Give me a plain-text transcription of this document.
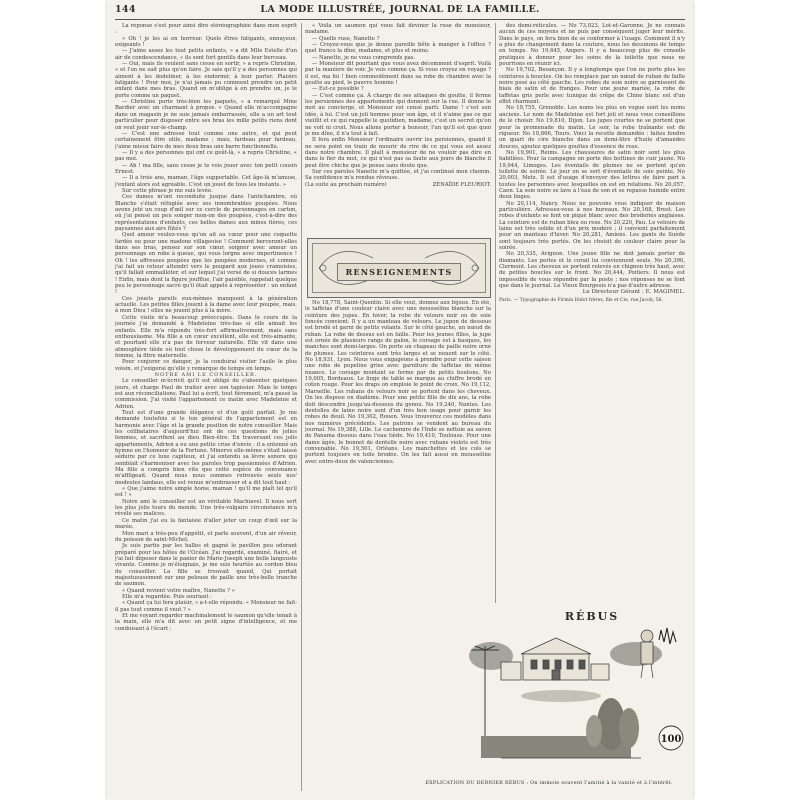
144	LA MODE ILLUSTRÉE, JOURNAL DE LA FAMILLE.

La réponse s'est pour ainsi dire stéréographiée dans mon esprit :

« Oh ! je les ai en horreur. Quels êtres fatigants, ennuyeux, exigeants !

— J'aime assez les tout petits enfants, » a dit Mlle Estelle d'un air de condescendance, « ils sont fort gentils dans leur berceau.

— Oui, mais ils veulent sans cesse en sortir, » a repris Christine, « et l'on ne sait plus qu'en faire. Je sais qu'il y a des personnes qui aiment à les dodeliner, à les endormir, à leur parler. Plaisirs fatigants ! Pour moi, je n'ai jamais pu comment prendre un petit enfant dans mes bras. Quand on m'oblige à en prendre un, je le porte comme un paquet.

— Christine porte très-bien les paquets, » a remarqué Mme Bardier avec un charmant à propos. « Quand elle m'accompagne dans un magasin je ne suis jamais embarrassée, elle a un art tout particulier pour disposer entre ses bras les mille petits riens dont on veut jouir sur-le-champ.

— C'est une adresse tout comme une autre, et qui peut certainement être utile, madame ; mais, fardeau pour fardeau, j'aime mieux faire de mes deux bras une barre fonctionnelle.

— Il y a des personnes qui ont ce goût-là, » a repris Christine, « pas moi.

— Ah ! ma fille, sans cesse je te vois jouer avec ton petit cousin Ernest.

— Il a trois ans, maman, l'âge supportable. Cet âge-là m'amuse, j'enfant alors est agréable. C'est un jouet de tous les instants. »

Sur cette phrase je me suis levée.

Ces dames m'ont reconduite jusque dans l'antichambre, où Blanche s'était réfugiée avec ses innombrables poupées. Nous avons jeté un coup d'œil sur ce cercle de personnages en carton, où j'ai pensé un peu songer mon-on des poupées, c'est-à-dire des représentations d'enfants, ces belles dames aux mines fières, ces paysannes aux airs fûtés ?

Quel amour veulez-vous qu'on ait au cœur pour une coquette fardée ou pour une madone villageoise ! Comment berceront-elles dans ses bras, pensez sur son cœur, soigner avec amour un personnage en robe à queue, qui vous lorgne avec impertinence ! Oh ! les affreuses poupées que les poupées modernes, et comme j'ai fait un retour attendri vers le poupard aux joues cramoisies, qu'il fallait emmailloter, et sur lequel j'ai versé de si douces larmes ! Enfin, mais dont la figure joufflue, l'air paisible, rappelait quelque peu le personnage sacré qu'il était appelé à représenter : un enfant !

Ces jouets pareils eux-mêmes manquent à la génération actuelle. Les petites filles jouent à la dame avec leur poupée, mais, à mon Dieu ! elles ne jouent plus à la mère.

Cette visite m'a beaucoup préoccupée. Dans le cours de la journée j'ai demandé à Madeleine très-bas si elle aimait les enfants. Elle m'a répondu très-fort affirmativement, mais sans enthousiasme. Ma fille a un cœur excellent, elle est très-aimante, et pourtant elle n'a pas de ferveur naturelle. Elle vit dans une atmosphère tiède où tout chose le développement du cœur de la femme, la fibre maternelle.

Pour conjurer ce danger, je la conduirai visiter l'asile le plus voisin, et j'exigerai qu'elle y remarque de temps en temps.

NOTRE AMI LE CONSEILLER.

Le conseiller m'écrivit qu'il est obligé de s'absenter quelques jours, et charge Paul de traiter avec son tapissier. Mais le temps est aux réconciliations. Paul lui a écrit, tout fièrement, m'a passé la commission. J'ai visité l'appartement ce matin avec Madeleine et Adrien.

Tout est d'une grande élégance et d'un goût parfait. Je me demande toutefois si le ton général de l'appartement est en harmonie avec l'âge et la grande position de notre conseiller. Mais les célibataires d'aujourd'hui ont de ces questions de jolies femmes, et sacrifient au dieu Bien-être. En traversant ces jolis appartements, Adrien a eu une petite crise d'envie : il a entonné un hymne en l'honneur de la Fortune. Minerve elle-même s'était laissé séduire par ce luxe capiteux, et j'ai entendu sa lèvre sonore qui semblait s'harmoniser avec les paroles trop passionnées d'Adrien. Ma fille a compris bien vite que cette espèce de convenance m'affligeait. Quand nous nous sommes retrouvés seuls nos' modestes landaus, elle est venue m'embrasser et a dit tout haut :

« Que j'aime notre simple home, maman ! qu'il me plaît tel qu'il est ! »

Notre ami le conseiller est un véritable Machiavel. Il nous sert les plus jolis tours du monde. Une très-vulgaire circonstance m'a révélé ses malices.

Ce matin j'ai eu la fantaisie d'aller jeter un coup d'œil sur la marée.

Mon mari a très-peu d'appétit, et parle souvent, d'un air rêveur, du poisson de saint-Michel.

Je suis partie par les halles et gagné le pavillon peu odorant préparé pour les hôtes de l'Océan. J'ai regardé, examiné, flairé, et j'ai fait déposer dans le panier de Marie-Joseph une belle langouste vivante. Comme je m'éloignais, je me suis heurtée au cordon bleu du conseiller. La fille se trouvait quand, Qui portait majestueusement sur une pelouse de paille une très-belle tranche de saumon.

« Quand revient votre maître, Nanette ? »

Elle m'a regardée. Puis souriant :

« Quand ça lui fera plaisir, » a-t-elle répondu. « Monsieur ne fait-il pas tout comme il veut ? »

Et me voyant regarder machinalement le saumon qu'elle tenait à la main, elle m'a dit avec un petit signe d'intelligence, et me conduisant à l'écart :

« Voilà un saumon qui vous fait deviner la ruse de monsieur, madame.

— Quelle ruse, Nanette ?

— Croyez-vous que je donne pareille bête à manger à l'office ? quel franco la dîne, madame, et plus et moins.

— Nanette, je ne vous comprends pas.

— Monsieur dit pourtant que vous avez décemment d'esprit. Voilà par la manière de voir. Je vois comme ça. Si vous croyez en voyage ? il est, ma foi ! bien commodément dans sa robe de chambre avec la goutte au pied, le pauvre homme !

— Est-ce possible ?

— C'est comme ça. À charge de ses attaques de goutte, il ferme les persiennes des appartements qui donnent sur la rue. Il donne le mot au concierge, et Monsieur est censé parti. Dame ! c'est son idée, à lui. C'est un joli homme pour son âge, et il n'aime pas ce qui vieillit et ce qui rappelle le quotidien, madame, c'est un secret qu'on ne voit ni croit. Nous allons porter à bonsoir, l'un qu'il est que quoi je me dîne, il n'a tout à fait.

Il fera enfin Monsieur l'ordinaire ouvrir les persiennes, quand il ne sera point en train de mourir de rire de ce qui vous est assez dans notre chambre. Il plaît à monsieur de ne vouloir pas dire en dans le fier du mot, ce qui n'est pas sa faute aux jours de blanche il peut être chiche que je pense sans doute que.

Sur ces paroles Nanette m'a quittée, et j'ai continué mon chemin. Sa confidence m'a rendue rêveuse.

(La suite au prochain numéro)	ZÉNAÏDE FLEURIOT.

RENSEIGNEMENTS

No 18,778, Saint-Quentin. Si elle veut, donnez aux bijoux. En été, le taffetas d'une couleur claire avec une mousseline blanche sur la ceinture des jupes. En hiver, la robe de velours noir ou de soie foncée convient. Il y a un manteau de velours. Le jupon de dessous est brodé et garni de petits volants. Sur le côté gauche, un nœud de ruban. La robe de dessus est en faille. Pour les jeunes filles, la jupe est ornée de plusieurs rangs de galon, le corsage est à basques, les manches sont demi-larges. On porte un chapeau de paille noire orné de plumes. Les ceintures sont très larges et se nouent sur le côté. No 18,931, Lyon. Nous vous engageons à prendre pour cette saison une robe de popeline grise avec garniture de taffetas de même nuance. Le corsage montant se ferme par de petits boutons. No 19,005, Bordeaux. Le linge de table se marque au chiffre brodé en coton rouge. Pour les draps on emploie le point de croix. No 19,112, Marseille. Les rubans de velours noir se portent dans les cheveux. On les dispose en diadème. Pour une petite fille de dix ans, la robe doit descendre jusqu'au-dessous du genou. No 19,240, Nantes. Les dentelles de laine noire sont d'un très bon usage pour garnir les robes de deuil. No 19,302, Rouen. Vous trouverez ces modèles dans nos numéros précédents. Les patrons se vendent au bureau du journal. No 19,388, Lille. Le cachemire de l'Inde se nettoie au savon de Panama dissous dans l'eau tiède. No 19,410, Toulouse. Pour une dame âgée, le bonnet de dentelle noire avec rubans violets est très convenable. No 19,501, Orléans. Les manchettes et les cols se portent toujours en toile brodée. On les fait aussi en mousseline avec entre-deux de valenciennes.

des demi-réticules. — No 73,023, Lot-et-Garonne. Je ne connais aucun de ces moyens et ne puis par conséquent juger leur mérite. Dans le pays, on fera bien de se conformer à l'usage. Comment il n'y a plus de changement dans la couture, nous les dessinons de temps en temps. No 19,645, Angers. Il y a beaucoup plus de conseils pratiques à donner pour les soins de la toilette que nous ne pourrions en réunir ici.

No 19,702, Besançon. Il y a longtemps que l'on ne porte plus les ceintures à boucles. On les remplace par un nœud de ruban de faille noire posé au côté gauche. Les robes de soie noire se garnissent de biais de satin et de franges. Pour une jeune mariée, la robe de taffetas gris perle avec tunique de crêpe de Chine blanc est d'un effet charmant.

No 19,755, Grenoble. Les noms les plus en vogue sont les noms anciens. Le nom de Madeleine est fort joli et nous vous conseillons de le choisir. No 19,810, Dijon. Les jupes courtes ne se portent que pour la promenade du matin. Le soir, la robe traînante est de rigueur. No 19,866, Tours. Voici la recette demandée : faites fondre un quart de cire blanche dans un demi-litre d'huile d'amandes douces, ajoutez quelques gouttes d'essence de rose.

No 19,901, Reims. Les chaussures de satin noir sont les plus habillées. Pour la campagne on porte des bottines de cuir jaune. No 19,944, Limoges. Les éventails de plumes ne se portent qu'en toilette de soirée. Le jour on se sert d'éventails de soie peinte. No 20,003, Metz. Il est d'usage d'envoyer des lettres de faire part à toutes les personnes avec lesquelles on est en relations. No 20,057, Caen. La soie noire se lave à l'eau de son et se repasse humide entre deux linges.

No 20,114, Nancy. Nous ne pouvons vous indiquer de maison particulière. Adressez-vous à nos bureaux. No 20,168, Brest. Les robes d'enfants se font en piqué blanc avec des broderies anglaises. La ceinture est de ruban bleu ou rose. No 20,220, Pau. Le velours de laine est très solide et d'un prix modéré ; il convient parfaitement pour un manteau d'hiver. No 20,281, Amiens. Les gants de Suède sont toujours très portés. On les choisit de couleur claire pour la soirée.

No 20,335, Avignon. Une jeune fille ne doit jamais porter de diamants. Les perles et le corail lui conviennent seuls. No 20,390, Clermont. Les cheveux se portent relevés en chignon très haut, avec de petites boucles sur le front. No 20,444, Poitiers. Il nous est impossible de vous répondre par la poste ; nos réponses ne se font que dans le journal. Le Vieux Bourgeois n'a pas d'autre adresse.

Le Directeur Gérant : E. MAGIMEL.

Paris. — Typographie de Firmin Didot frères, fils et Cie, rue Jacob, 56.

RÉBUS
100
EXPLICATION DU DERNIER RÉBUS : On immole souvent l'amitié à la vanité et à l'intérêt.
